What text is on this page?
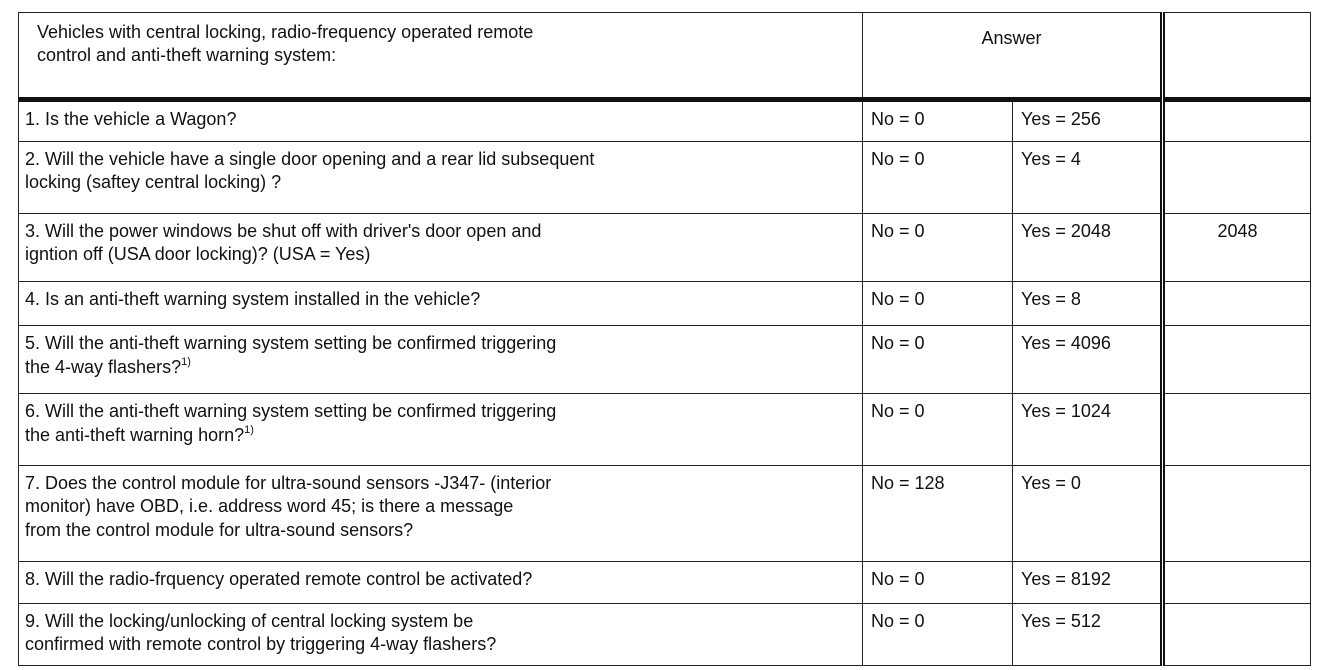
Vehicles with central locking, radio-frequency operated remote
control and anti-theft warning system:	Answer		
1. Is the vehicle a Wagon?	No = 0	Yes = 256	
2. Will the vehicle have a single door opening and a rear lid subsequent
locking (saftey central locking) ?	No = 0	Yes = 4	
3. Will the power windows be shut off with driver's door open and
igntion off (USA door locking)? (USA = Yes)	No = 0	Yes = 2048	2048
4. Is an anti-theft warning system installed in the vehicle?	No = 0	Yes = 8	
5. Will the anti-theft warning system setting be confirmed triggering
the 4-way flashers?$^{1)}$	No = 0	Yes = 4096	
6. Will the anti-theft warning system setting be confirmed triggering
the anti-theft warning horn?$^{1)}$	No = 0	Yes = 1024	
7. Does the control module for ultra-sound sensors -J347- (interior
monitor) have OBD, i.e. address word 45; is there a message
from the control module for ultra-sound sensors?	No = 128	Yes = 0	
8. Will the radio-frquency operated remote control be activated?	No = 0	Yes = 8192	
9. Will the locking/unlocking of central locking system be
confirmed with remote control by triggering 4-way flashers?	No = 0	Yes = 512	
